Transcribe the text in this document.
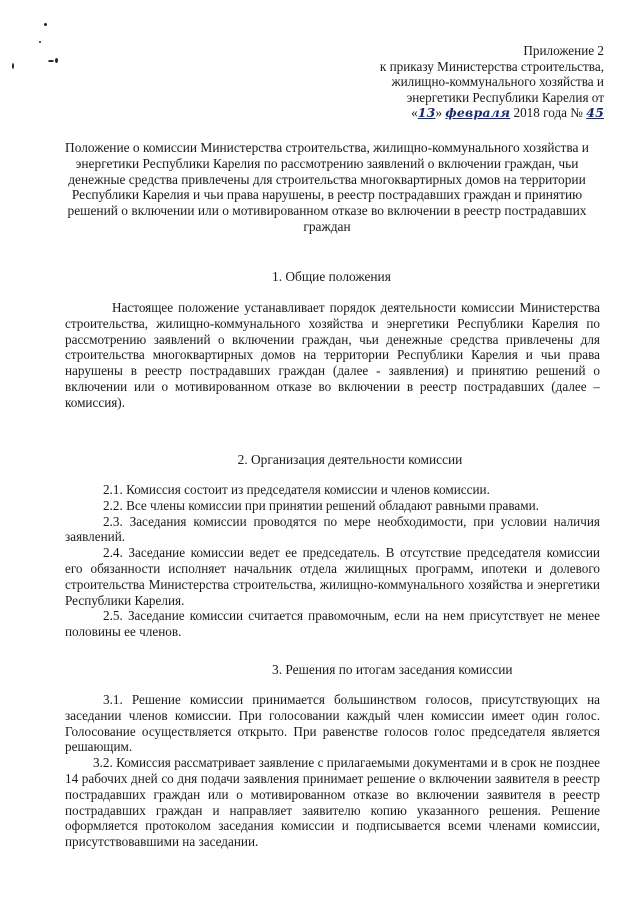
Приложение 2
к приказу Министерства строительства,
жилищно-коммунального хозяйства и
энергетики Республики Карелия от
«13» февраля 2018 года № 45
Положение о комиссии Министерства строительства, жилищно-коммунального хозяйства и энергетики Республики Карелия по рассмотрению заявлений о включении граждан, чьи денежные средства привлечены для строительства многоквартирных домов на территории Республики Карелия и чьи права нарушены, в реестр пострадавших граждан и принятию решений о включении или о мотивированном отказе во включении в реестр пострадавших граждан
1. Общие положения
Настоящее положение устанавливает порядок деятельности комиссии Министерства строительства, жилищно-коммунального хозяйства и энергетики Республики Карелия по рассмотрению заявлений о включении граждан, чьи денежные средства привлечены для строительства многоквартирных домов на территории Республики Карелия и чьи права нарушены в реестр пострадавших граждан (далее - заявления) и принятию решений о включении или о мотивированном отказе во включении в реестр пострадавших (далее – комиссия).
2. Организация деятельности комиссии

2.1. Комиссия состоит из председателя комиссии и членов комиссии.

2.2. Все члены комиссии при принятии решений обладают равными правами.

2.3. Заседания комиссии проводятся по мере необходимости, при условии наличия заявлений.

2.4. Заседание комиссии ведет ее председатель. В отсутствие председателя комиссии его обязанности исполняет начальник отдела жилищных программ, ипотеки и долевого строительства Министерства строительства, жилищно-коммунального хозяйства и энергетики Республики Карелия.

2.5. Заседание комиссии считается правомочным, если на нем присутствует не менее половины ее членов.

3. Решения по итогам заседания комиссии

3.1. Решение комиссии принимается большинством голосов, присутствующих на заседании членов комиссии. При голосовании каждый член комиссии имеет один голос. Голосование осуществляется открыто. При равенстве голосов голос председателя является решающим.

3.2. Комиссия рассматривает заявление с прилагаемыми документами и в срок не позднее 14 рабочих дней со дня подачи заявления принимает решение о включении заявителя в реестр пострадавших граждан или о мотивированном отказе во включении заявителя в реестр пострадавших граждан и направляет заявителю копию указанного решения. Решение оформляется протоколом заседания комиссии и подписывается всеми членами комиссии, присутствовавшими на заседании.
